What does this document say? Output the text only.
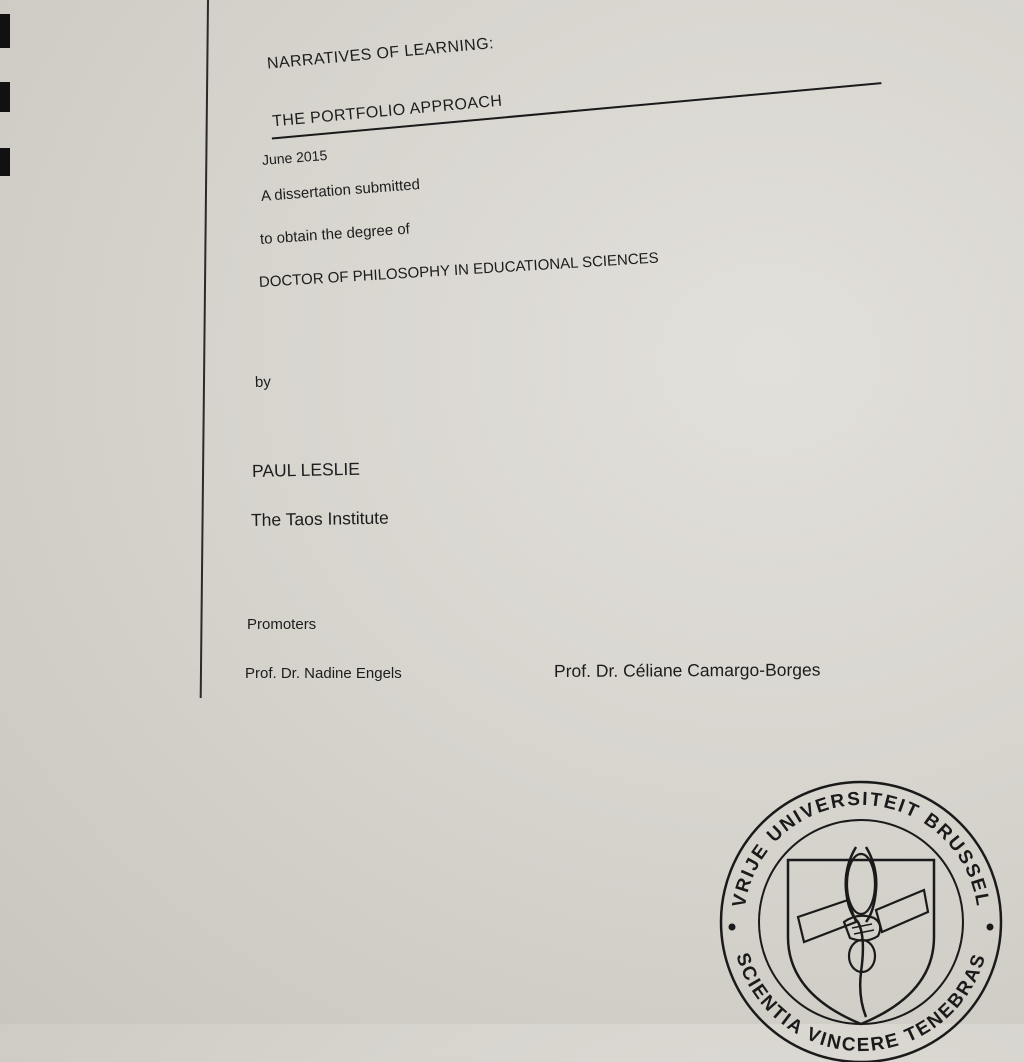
NARRATIVES OF LEARNING:
THE PORTFOLIO APPROACH
June 2015
A dissertation submitted
to obtain the degree of
DOCTOR OF PHILOSOPHY IN EDUCATIONAL SCIENCES
by
PAUL LESLIE
The Taos Institute
Promoters
Prof. Dr. Nadine Engels	Prof. Dr. Céliane Camargo-Borges
VRIJE UNIVERSITEIT BRUSSEL
SCIENTIA VINCERE TENEBRAS
